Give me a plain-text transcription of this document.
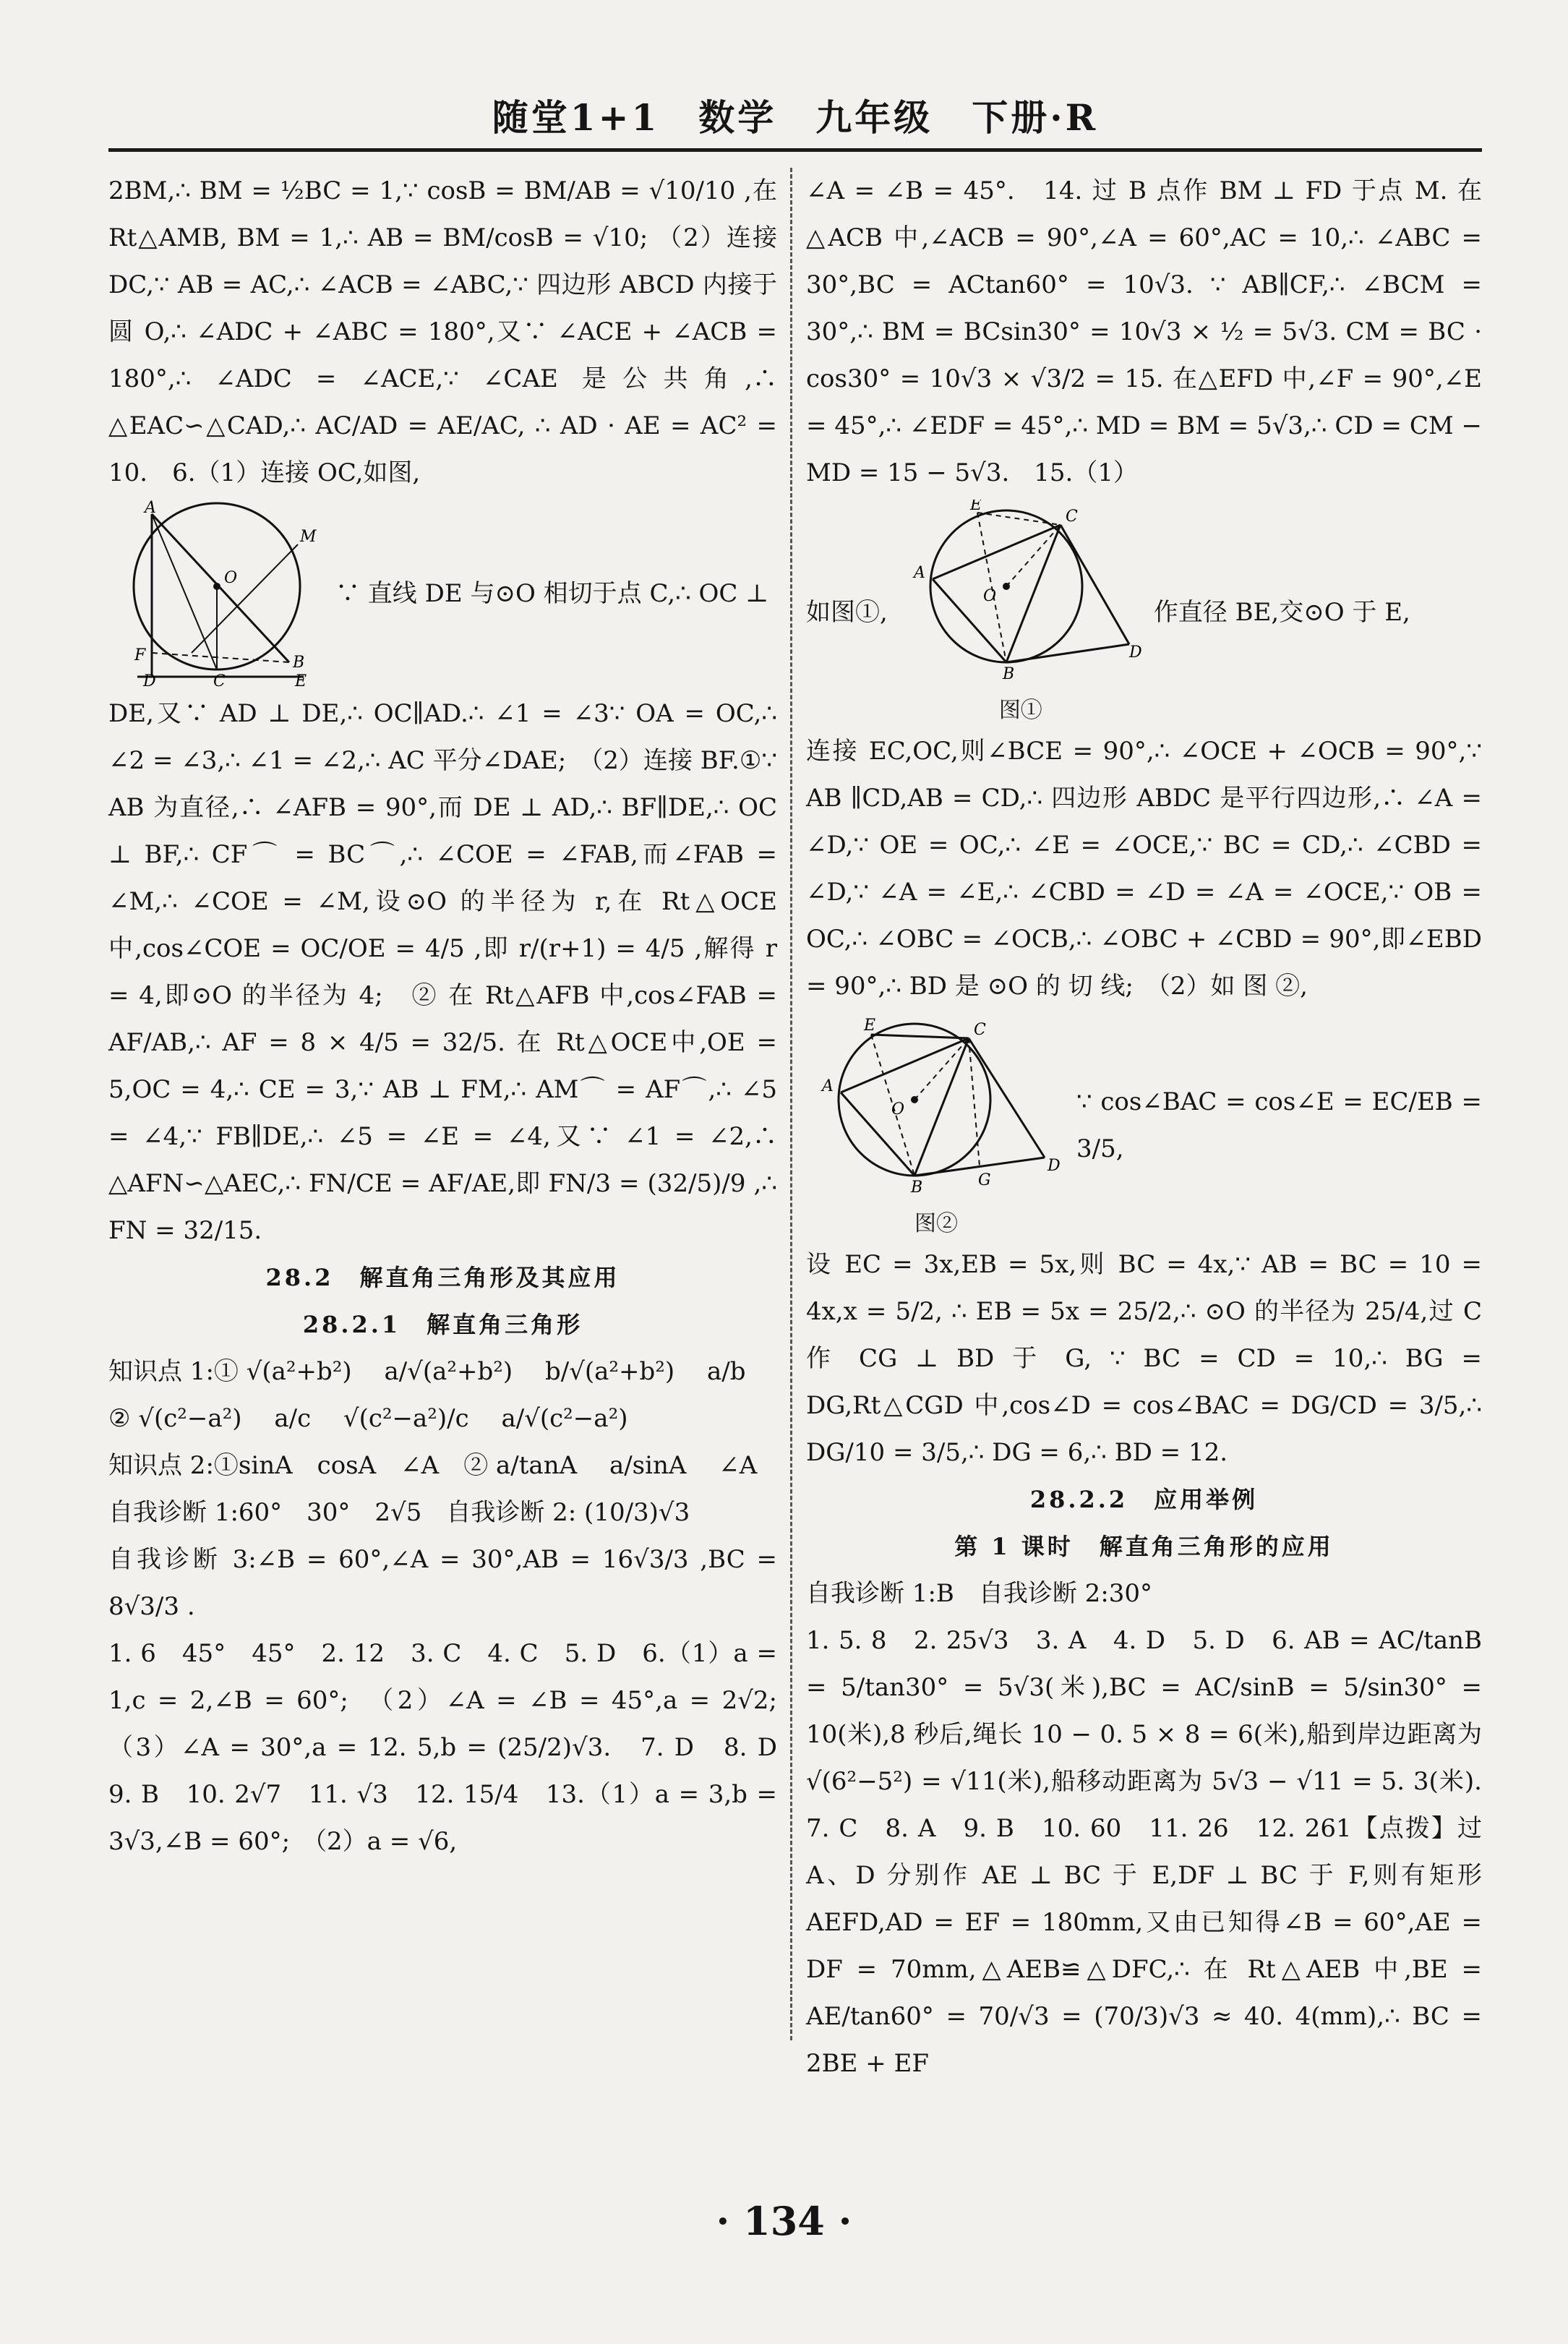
随堂1+1　数学　九年级　下册·R

2BM,∴ BM = ½BC = 1,∵ cosB = BM/AB = √10/10 ,在 Rt△AMB, BM = 1,∴ AB = BM/cosB = √10; （2）连接 DC,∵ AB = AC,∴ ∠ACB = ∠ABC,∵ 四边形 ABCD 内接于圆 O,∴ ∠ADC + ∠ABC = 180°,又∵ ∠ACE + ∠ACB = 180°,∴ ∠ADC = ∠ACE,∵ ∠CAE 是公共角,∴ △EAC∽△CAD,∴ AC/AD = AE/AC, ∴ AD · AE = AC² = 10.　6.（1）连接 OC,如图,

A
O
M
F
C
B
D	E
∵ 直线 DE 与⊙O 相切于点 C,∴ OC ⊥

DE,又∵ AD ⊥ DE,∴ OC∥AD.∴ ∠1 = ∠3∵ OA = OC,∴ ∠2 = ∠3,∴ ∠1 = ∠2,∴ AC 平分∠DAE;　（2）连接 BF.①∵ AB 为直径,∴ ∠AFB = 90°,而 DE ⊥ AD,∴ BF∥DE,∴ OC ⊥ BF,∴ CF⌒ = BC⌒,∴ ∠COE = ∠FAB,而∠FAB = ∠M,∴ ∠COE = ∠M,设⊙O 的半径为 r,在 Rt△OCE 中,cos∠COE = OC/OE = 4/5 ,即 r/(r+1) = 4/5 ,解得 r = 4,即⊙O 的半径为 4;　② 在 Rt△AFB 中,cos∠FAB = AF/AB,∴ AF = 8 × 4/5 = 32/5. 在 Rt△OCE中,OE = 5,OC = 4,∴ CE = 3,∵ AB ⊥ FM,∴ AM⌒ = AF⌒,∴ ∠5 = ∠4,∵ FB∥DE,∴ ∠5 = ∠E = ∠4,又∵ ∠1 = ∠2,∴ △AFN∽△AEC,∴ FN/CE = AF/AE,即 FN/3 = (32/5)/9 ,∴ FN = 32/15.

28.2　解直角三角形及其应用

28.2.1　解直角三角形

知识点 1:① √(a²+b²)　 a/√(a²+b²)　 b/√(a²+b²)　 a/b

② √(c²−a²)　 a/c　 √(c²−a²)/c　 a/√(c²−a²)

知识点 2:①sinA　cosA　∠A　② a/tanA　 a/sinA　 ∠A

自我诊断 1:60°　30°　2√5　自我诊断 2: (10/3)√3

自我诊断 3:∠B = 60°,∠A = 30°,AB = 16√3/3 ,BC = 8√3/3 .

1. 6　45°　45°　2. 12　3. C　4. C　5. D　6.（1）a = 1,c = 2,∠B = 60°;　（2）∠A = ∠B = 45°,a = 2√2;　（3）∠A = 30°,a = 12. 5,b = (25/2)√3.　7. D　8. D　9. B　10. 2√7　11. √3　12. 15/4　13.（1）a = 3,b = 3√3,∠B = 60°;　（2）a = √6,

∠A = ∠B = 45°.　14. 过 B 点作 BM ⊥ FD 于点 M. 在△ACB 中,∠ACB = 90°,∠A = 60°,AC = 10,∴ ∠ABC = 30°,BC = ACtan60° = 10√3. ∵ AB∥CF,∴ ∠BCM = 30°,∴ BM = BCsin30° = 10√3 × ½ = 5√3. CM = BC · cos30° = 10√3 × √3/2 = 15. 在△EFD 中,∠F = 90°,∠E = 45°,∴ ∠EDF = 45°,∴ MD = BM = 5√3,∴ CD = CM − MD = 15 − 5√3.　15.（1）

如图①,
E
C
A
O
D
B
图①
作直径 BE,交⊙O 于 E,

连接 EC,OC,则∠BCE = 90°,∴ ∠OCE + ∠OCB = 90°,∵ AB ∥CD,AB = CD,∴ 四边形 ABDC 是平行四边形,∴ ∠A = ∠D,∵ OE = OC,∴ ∠E = ∠OCE,∵ BC = CD,∴ ∠CBD = ∠D,∵ ∠A = ∠E,∴ ∠CBD = ∠D = ∠A = ∠OCE,∵ OB = OC,∴ ∠OBC = ∠OCB,∴ ∠OBC + ∠CBD = 90°,即∠EBD = 90°,∴ BD 是 ⊙O 的 切 线;　（2）如 图 ②,

E	C
A
O
D
G
B
图②
∵ cos∠BAC = cos∠E = EC/EB = 3/5,

设 EC = 3x,EB = 5x,则 BC = 4x,∵ AB = BC = 10 = 4x,x = 5/2, ∴ EB = 5x = 25/2,∴ ⊙O 的半径为 25/4,过 C 作 CG ⊥ BD 于 G, ∵ BC = CD = 10,∴ BG = DG,Rt△CGD 中,cos∠D = cos∠BAC = DG/CD = 3/5,∴ DG/10 = 3/5,∴ DG = 6,∴ BD = 12.

28.2.2　应用举例

第 1 课时　解直角三角形的应用

自我诊断 1:B　自我诊断 2:30°

1. 5. 8　2. 25√3　3. A　4. D　5. D　6. AB = AC/tanB = 5/tan30° = 5√3(米),BC = AC/sinB = 5/sin30° = 10(米),8 秒后,绳长 10 − 0. 5 × 8 = 6(米),船到岸边距离为 √(6²−5²) = √11(米),船移动距离为 5√3 − √11 = 5. 3(米).　7. C　8. A　9. B　10. 60　11. 26　12. 261【点拨】过 A、D 分别作 AE ⊥ BC 于 E,DF ⊥ BC 于 F,则有矩形 AEFD,AD = EF = 180mm,又由已知得∠B = 60°,AE = DF = 70mm,△AEB≌△DFC,∴ 在 Rt△AEB 中,BE = AE/tan60° = 70/√3 = (70/3)√3 ≈ 40. 4(mm),∴ BC = 2BE + EF

· 134 ·
